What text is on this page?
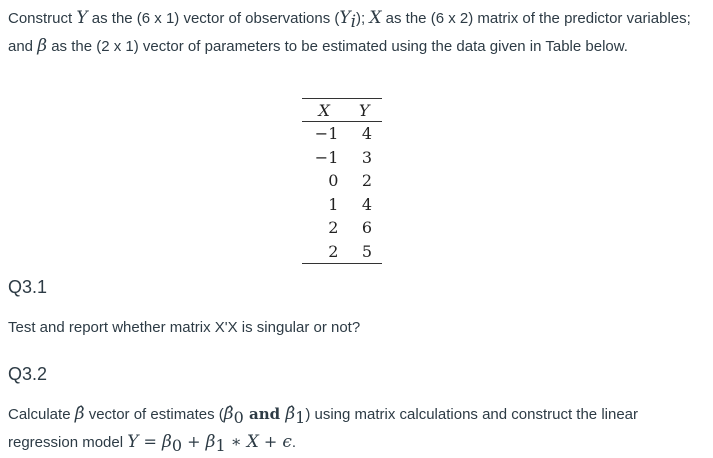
Construct Y as the (6 x 1) vector of observations $(Y_i)$; X as the (6 x 2) matrix of the predictor variables; and β as the (2 x 1) vector of parameters to be estimated using the data given in Table below.

X	Y
−1	4
−1	3
0	2
1	4
2	6
2	5
Q3.1

Test and report whether matrix X'X is singular or not?

Q3.2

Calculate β̂ vector of estimates ($\betâ_0$ and $\betâ_1$) using matrix calculations and construct the linear regression model $Y = \beta_0 + \beta_1$ ∗ X + ϵ.
